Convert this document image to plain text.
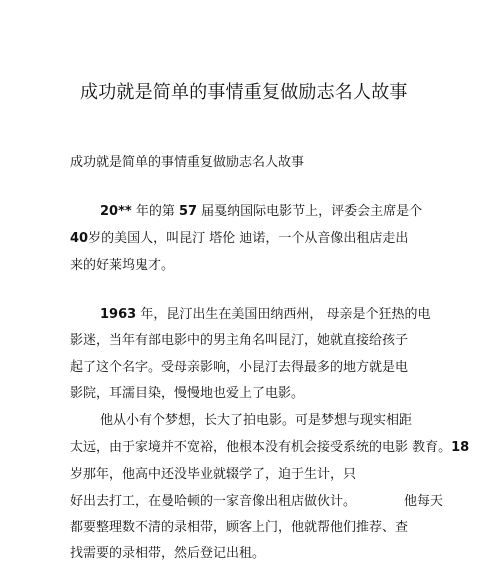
成功就是简单的事情重复做励志名人故事
成功就是简单的事情重复做励志名人故事
20** 年的第 57 届戛纳国际电影节上，评委会主席是个
40岁的美国人，叫昆汀 塔伦 迪诺，一个从音像出租店走出
来的好莱坞鬼才。
1963 年，昆汀出生在美国田纳西州， 母亲是个狂热的电
影迷，当年有部电影中的男主角名叫昆汀，她就直接给孩子
起了这个名字。受母亲影响，小昆汀去得最多的地方就是电
影院，耳濡目染，慢慢地也爱上了电影。
他从小有个梦想，长大了拍电影。可是梦想与现实相距
太远，由于家境并不宽裕，他根本没有机会接受系统的电影 教育。18
岁那年，他高中还没毕业就辍学了，迫于生计，只
好出去打工，在曼哈顿的一家音像出租店做伙计。	他每天
都要整理数不清的录相带，顾客上门，他就帮他们推荐、查
找需要的录相带，然后登记出租。
